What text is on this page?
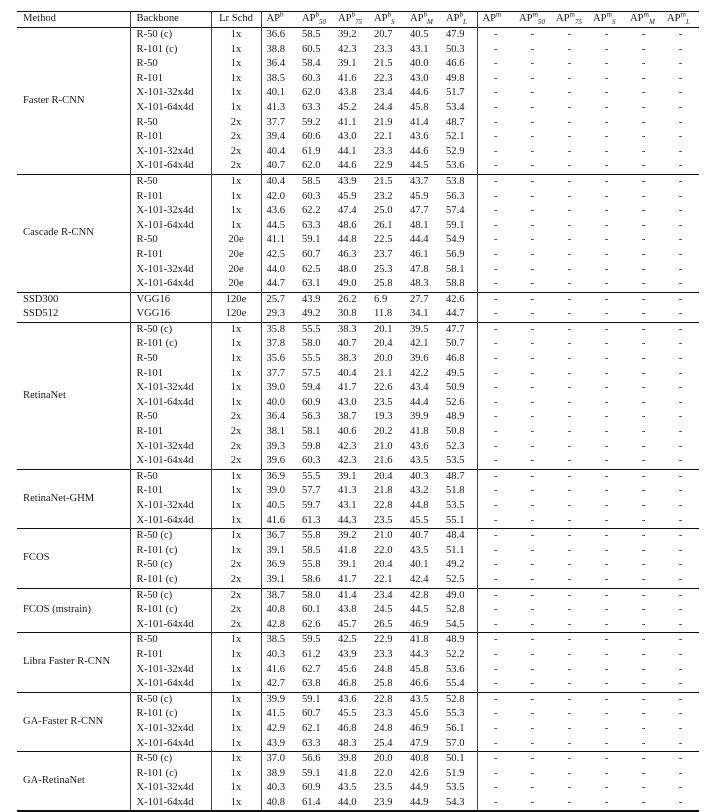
Method	Backbone	Lr Schd	$AP^b$	$AP^b_{50}$	$AP^b_{75}$	$AP^b_S$	$AP^b_M$	$AP^b_L$	$AP^m$	$AP^m_{50}$	$AP^m_{75}$	$AP^m_S$	$AP^m_M$	$AP^m_L$
Faster R-CNN	R-50 (c)	1x	36.6	58.5	39.2	20.7	40.5	47.9	-	-	-	-	-	-
	R-101 (c)	1x	38.8	60.5	42.3	23.3	43.1	50.3	-	-	-	-	-	-
	R-50	1x	36.4	58.4	39.1	21.5	40.0	46.6	-	-	-	-	-	-
	R-101	1x	38.5	60.3	41.6	22.3	43.0	49.8	-	-	-	-	-	-
	X-101-32x4d	1x	40.1	62.0	43.8	23.4	44.6	51.7	-	-	-	-	-	-
	X-101-64x4d	1x	41.3	63.3	45.2	24.4	45.8	53.4	-	-	-	-	-	-
	R-50	2x	37.7	59.2	41.1	21.9	41.4	48.7	-	-	-	-	-	-
	R-101	2x	39.4	60.6	43.0	22.1	43.6	52.1	-	-	-	-	-	-
	X-101-32x4d	2x	40.4	61.9	44.1	23.3	44.6	52.9	-	-	-	-	-	-
	X-101-64x4d	2x	40.7	62.0	44.6	22.9	44.5	53.6	-	-	-	-	-	-
Cascade R-CNN	R-50	1x	40.4	58.5	43.9	21.5	43.7	53.8	-	-	-	-	-	-
	R-101	1x	42.0	60.3	45.9	23.2	45.9	56.3	-	-	-	-	-	-
	X-101-32x4d	1x	43.6	62.2	47.4	25.0	47.7	57.4	-	-	-	-	-	-
	X-101-64x4d	1x	44.5	63.3	48.6	26.1	48.1	59.1	-	-	-	-	-	-
	R-50	20e	41.1	59.1	44.8	22.5	44.4	54.9	-	-	-	-	-	-
	R-101	20e	42.5	60.7	46.3	23.7	46.1	56.9	-	-	-	-	-	-
	X-101-32x4d	20e	44.0	62.5	48.0	25.3	47.8	58.1	-	-	-	-	-	-
	X-101-64x4d	20e	44.7	63.1	49.0	25.8	48.3	58.8	-	-	-	-	-	-
SSD300	VGG16	120e	25.7	43.9	26.2	6.9	27.7	42.6	-	-	-	-	-	-
SSD512	VGG16	120e	29.3	49.2	30.8	11.8	34.1	44.7	-	-	-	-	-	-
RetinaNet	R-50 (c)	1x	35.8	55.5	38.3	20.1	39.5	47.7	-	-	-	-	-	-
	R-101 (c)	1x	37.8	58.0	40.7	20.4	42.1	50.7	-	-	-	-	-	-
	R-50	1x	35.6	55.5	38.3	20.0	39.6	46.8	-	-	-	-	-	-
	R-101	1x	37.7	57.5	40.4	21.1	42.2	49.5	-	-	-	-	-	-
	X-101-32x4d	1x	39.0	59.4	41.7	22.6	43.4	50.9	-	-	-	-	-	-
	X-101-64x4d	1x	40.0	60.9	43.0	23.5	44.4	52.6	-	-	-	-	-	-
	R-50	2x	36.4	56.3	38.7	19.3	39.9	48.9	-	-	-	-	-	-
	R-101	2x	38.1	58.1	40.6	20.2	41.8	50.8	-	-	-	-	-	-
	X-101-32x4d	2x	39.3	59.8	42.3	21.0	43.6	52.3	-	-	-	-	-	-
	X-101-64x4d	2x	39.6	60.3	42.3	21.6	43.5	53.5	-	-	-	-	-	-
RetinaNet-GHM	R-50	1x	36.9	55.5	39.1	20.4	40.3	48.7	-	-	-	-	-	-
	R-101	1x	39.0	57.7	41.3	21.8	43.2	51.8	-	-	-	-	-	-
	X-101-32x4d	1x	40.5	59.7	43.1	22.8	44.8	53.5	-	-	-	-	-	-
	X-101-64x4d	1x	41.6	61.3	44.3	23.5	45.5	55.1	-	-	-	-	-	-
FCOS	R-50 (c)	1x	36.7	55.8	39.2	21.0	40.7	48.4	-	-	-	-	-	-
	R-101 (c)	1x	39.1	58.5	41.8	22.0	43.5	51.1	-	-	-	-	-	-
	R-50 (c)	2x	36.9	55.8	39.1	20.4	40.1	49.2	-	-	-	-	-	-
	R-101 (c)	2x	39.1	58.6	41.7	22.1	42.4	52.5	-	-	-	-	-	-
FCOS (mstrain)	R-50 (c)	2x	38.7	58.0	41.4	23.4	42.8	49.0	-	-	-	-	-	-
	R-101 (c)	2x	40.8	60.1	43.8	24.5	44.5	52.8	-	-	-	-	-	-
	X-101-64x4d	2x	42.8	62.6	45.7	26.5	46.9	54.5	-	-	-	-	-	-
Libra Faster R-CNN	R-50	1x	38.5	59.5	42.5	22.9	41.8	48.9	-	-	-	-	-	-
	R-101	1x	40.3	61.2	43.9	23.3	44.3	52.2	-	-	-	-	-	-
	X-101-32x4d	1x	41.6	62.7	45.6	24.8	45.8	53.6	-	-	-	-	-	-
	X-101-64x4d	1x	42.7	63.8	46.8	25.8	46.6	55.4	-	-	-	-	-	-
GA-Faster R-CNN	R-50 (c)	1x	39.9	59.1	43.6	22.8	43.5	52.8	-	-	-	-	-	-
	R-101 (c)	1x	41.5	60.7	45.5	23.3	45.6	55.3	-	-	-	-	-	-
	X-101-32x4d	1x	42.9	62.1	46.8	24.8	46.9	56.1	-	-	-	-	-	-
	X-101-64x4d	1x	43.9	63.3	48.3	25.4	47.9	57.0	-	-	-	-	-	-
GA-RetinaNet	R-50 (c)	1x	37.0	56.6	39.8	20.0	40.8	50.1	-	-	-	-	-	-
	R-101 (c)	1x	38.9	59.1	41.8	22.0	42.6	51.9	-	-	-	-	-	-
	X-101-32x4d	1x	40.3	60.9	43.5	23.5	44.9	53.5	-	-	-	-	-	-
	X-101-64x4d	1x	40.8	61.4	44.0	23.9	44.9	54.3	-	-	-	-	-	-
